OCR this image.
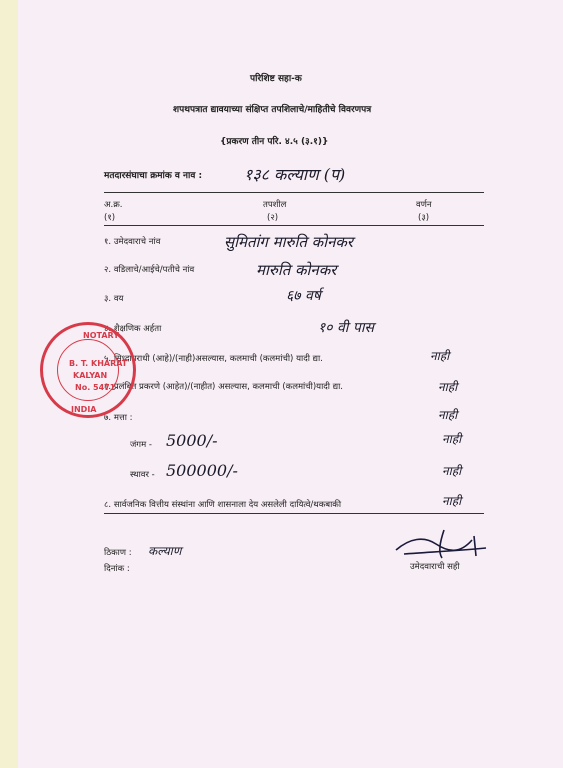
परिशिष्ट सहा-क
शपथपत्रात द्यावयाच्या संक्षिप्त तपशिलाचे/माहितीचे विवरणपत्र
{प्रकरण तीन परि. ४.५ (३.१)}
मतदारसंघाचा क्रमांक व नाव :	१३८ कल्याण (प)
अ.क्र.	तपशील	वर्णन
(१)	(२)	(३)
१. उमेदवाराचे नांव	सुमितांग मारुति कोनकर
२. वडिलाचे/आईचे/पतीचे नांव	मारुति कोनकर
३. वय	६७ वर्ष
४. शैक्षणिक अर्हता	१० वी पास
५. सिध्दापराधी (आहे)/(नाही)असल्यास, कलमाची (कलमांची) यादी द्या.	नाही
६. प्रलंबित प्रकरणे (आहेत)/(नाहीत) असल्यास, कलमाची (कलमांची)यादी द्या.	नाही
७. मत्ता :	नाही
जंगम - 5000/-	नाही
स्थावर - 500000/-	नाही
८. सार्वजनिक वित्तीय संस्थांना आणि शासनाला देय असलेली दायित्वे/थकबाकी	नाही
ठिकाण : कल्याण
दिनांक :	उमेदवाराची सही
NOTARY
B. T. KHARAT
KALYAN
No. 5471
INDIA
